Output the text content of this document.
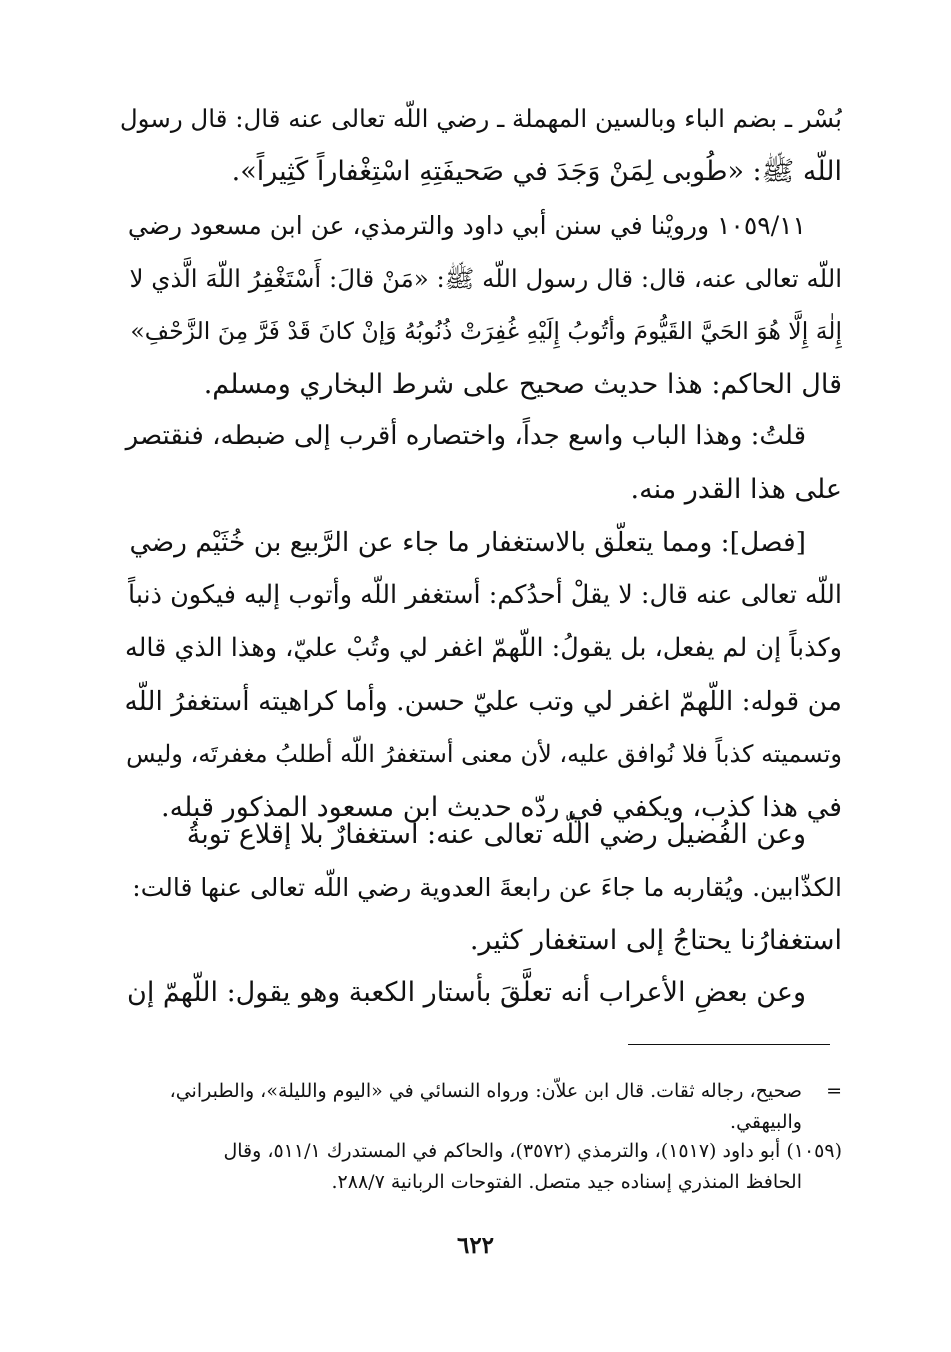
بُسْر ـ بضم الباء وبالسين المهملة ـ رضي اللّه تعالى عنه قال: قال رسول
اللّه ﷺ: «طُوبى لِمَنْ وَجَدَ في صَحيفَتِهِ اسْتِغْفاراً كَثِيراً».
١٠٥٩/١١ ورويْنا في سنن أبي داود والترمذي، عن ابن مسعود رضي
اللّه تعالى عنه، قال: قال رسول اللّه ﷺ: «مَنْ قالَ: أَسْتَغْفِرُ اللّهَ الَّذي لا
إِلٰهَ إِلَّا هُوَ الحَيَّ القَيُّومَ وأتُوبُ إِلَيْهِ غُفِرَتْ ذُنُوبُهُ وَإنْ كانَ قَدْ فَرَّ مِنَ الزَّحْفِ»
قال الحاكم: هذا حديث صحيح على شرط البخاري ومسلم.
قلتُ: وهذا الباب واسع جداً، واختصاره أقرب إلى ضبطه، فنقتصر
على هذا القدر منه.
[فصل]: ومما يتعلّق بالاستغفار ما جاء عن الرَّبيع بن خُثَيْم رضي
اللّه تعالى عنه قال: لا يقلْ أحدُكم: أستغفر اللّه وأتوب إليه فيكون ذنباً
وكذباً إن لم يفعل، بل يقولُ: اللّهمّ اغفر لي وتُبْ عليّ، وهذا الذي قاله
من قوله: اللّهمّ اغفر لي وتب عليّ حسن. وأما كراهيته أستغفرُ اللّه
وتسميته كذباً فلا نُوافق عليه، لأن معنى أستغفرُ اللّه أطلبُ مغفرتَه، وليس
في هذا كذب، ويكفي في ردّه حديث ابن مسعود المذكور قبله.
وعن الفُضيل رضي اللّه تعالى عنه: استغفارٌ بلا إقلاع توبةُ
الكذّابين. ويُقاربه ما جاءَ عن رابعةَ العدوية رضي اللّه تعالى عنها قالت:
استغفارُنا يحتاجُ إلى استغفار كثير.
وعن بعضِ الأعراب أنه تعلَّقَ بأستار الكعبة وهو يقول: اللّهمّ إن
=صحيح، رجاله ثقات. قال ابن علاّن: ورواه النسائي في «اليوم والليلة»، والطبراني،
والبيهقي.
(١٠٥٩) أبو داود (١٥١٧)، والترمذي (٣٥٧٢)، والحاكم في المستدرك ٥١١/١، وقال
الحافظ المنذري إسناده جيد متصل. الفتوحات الربانية ٢٨٨/٧.
٦٢٢
